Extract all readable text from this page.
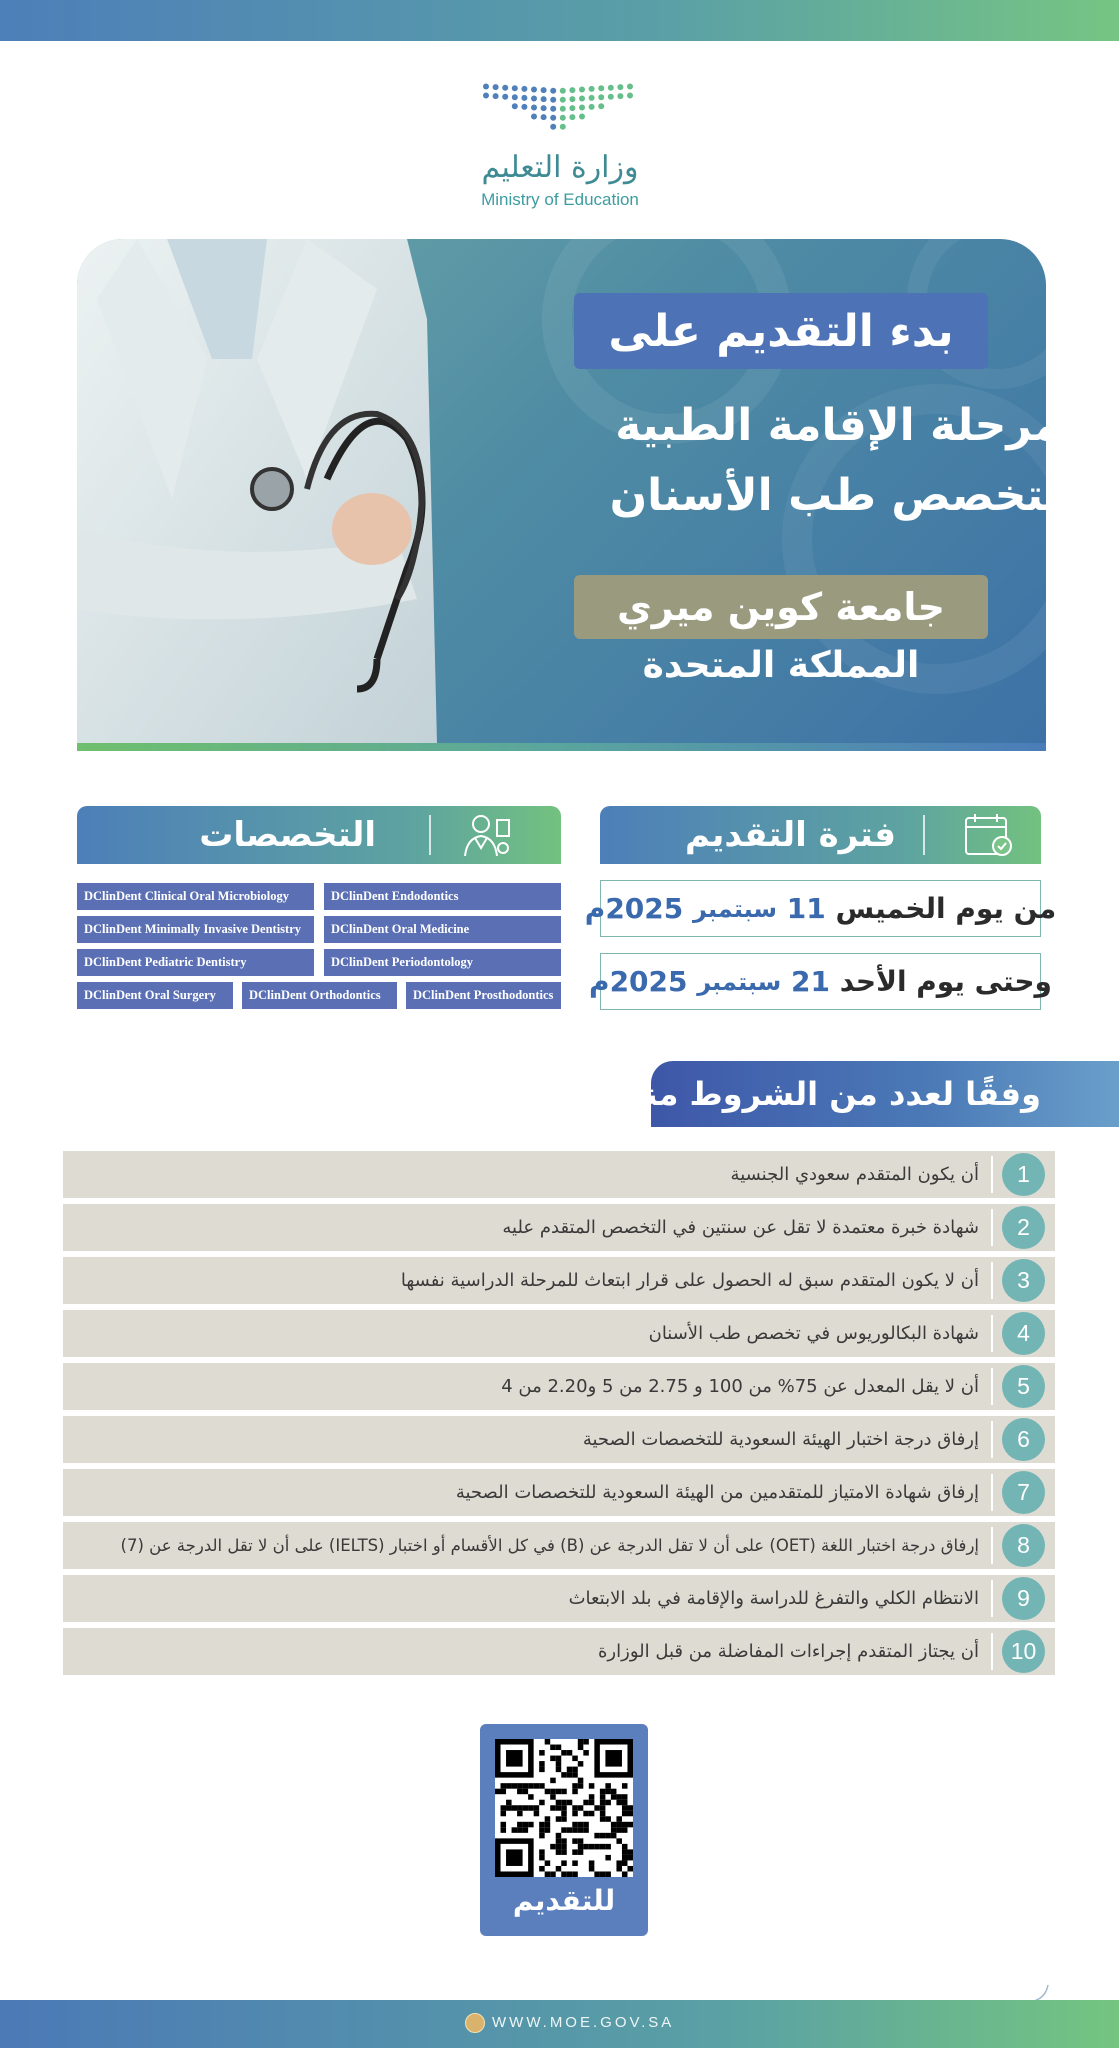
وزارة التعليم
Ministry of Education
بدء التقديم على
مرحلة الإقامة الطبية
لتخصص طب الأسنان
جامعة كوين ميري
المملكة المتحدة
التخصصات	فترة التقديم
DClinDent Clinical Oral Microbiology	DClinDent Endodontics
DClinDent Minimally Invasive Dentistry	DClinDent Oral Medicine
DClinDent Pediatric Dentistry	DClinDent Periodontology
DClinDent Oral Surgery	DClinDent Orthodontics	DClinDent Prosthodontics
من يوم الخميس

11

سبتمبر

2025
م
وحتى يوم الأحد

21

سبتمبر

2025
م
وفقًا لعدد من الشروط منها:
1
أن يكون المتقدم سعودي الجنسية
2
شهادة خبرة معتمدة لا تقل عن سنتين في التخصص المتقدم عليه
3
أن لا يكون المتقدم سبق له الحصول على قرار ابتعاث للمرحلة الدراسية نفسها
4
شهادة البكالوريوس في تخصص طب الأسنان
5
أن لا يقل المعدل عن 75% من 100 و 2.75 من 5 و2.20 من 4
6
إرفاق درجة اختبار الهيئة السعودية للتخصصات الصحية
7
إرفاق شهادة الامتياز للمتقدمين من الهيئة السعودية للتخصصات الصحية
8
إرفاق درجة اختبار اللغة (OET) على أن لا تقل الدرجة عن (B) في كل الأقسام أو اختبار (IELTS) على أن لا تقل الدرجة عن (7)
9
الانتظام الكلي والتفرغ للدراسة والإقامة في بلد الابتعاث
10
أن يجتاز المتقدم إجراءات المفاضلة من قبل الوزارة
للتقديم
WWW.MOE.GOV.SA
